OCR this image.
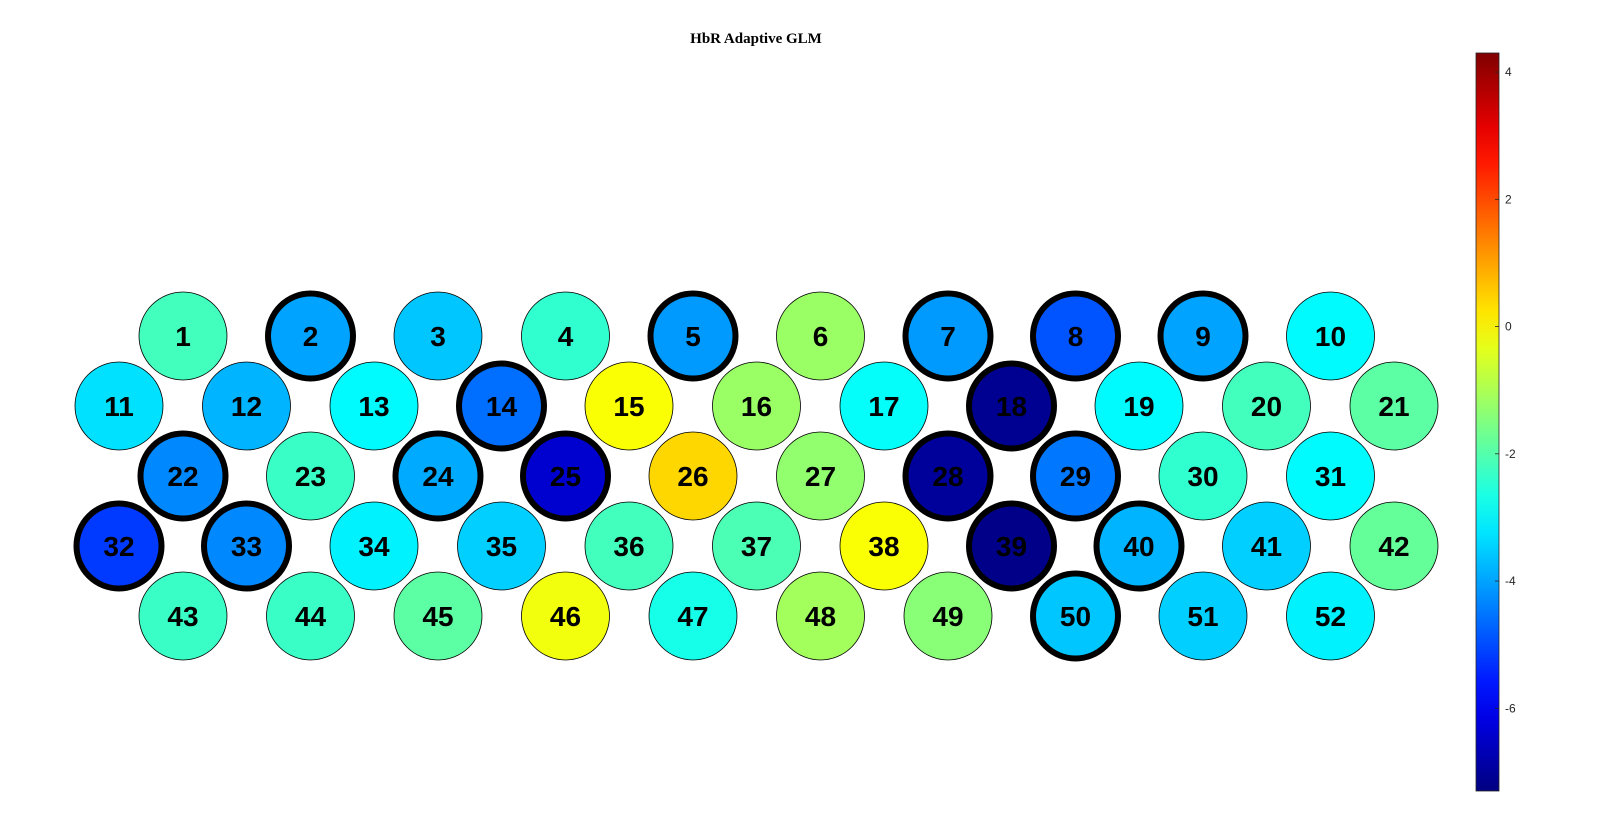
HbR Adaptive GLM
1	3	4	6	10
11	12	13	15	16	17	19	20	21
23	26	27	30	31
34	35	36	37	38	41	42
43	44	45	46	47	48	49	51	52
2	5	7	8	9
14	18
22	24	25	28	29
32	33	39	40
50
-6
-4
-2
0
2
4
